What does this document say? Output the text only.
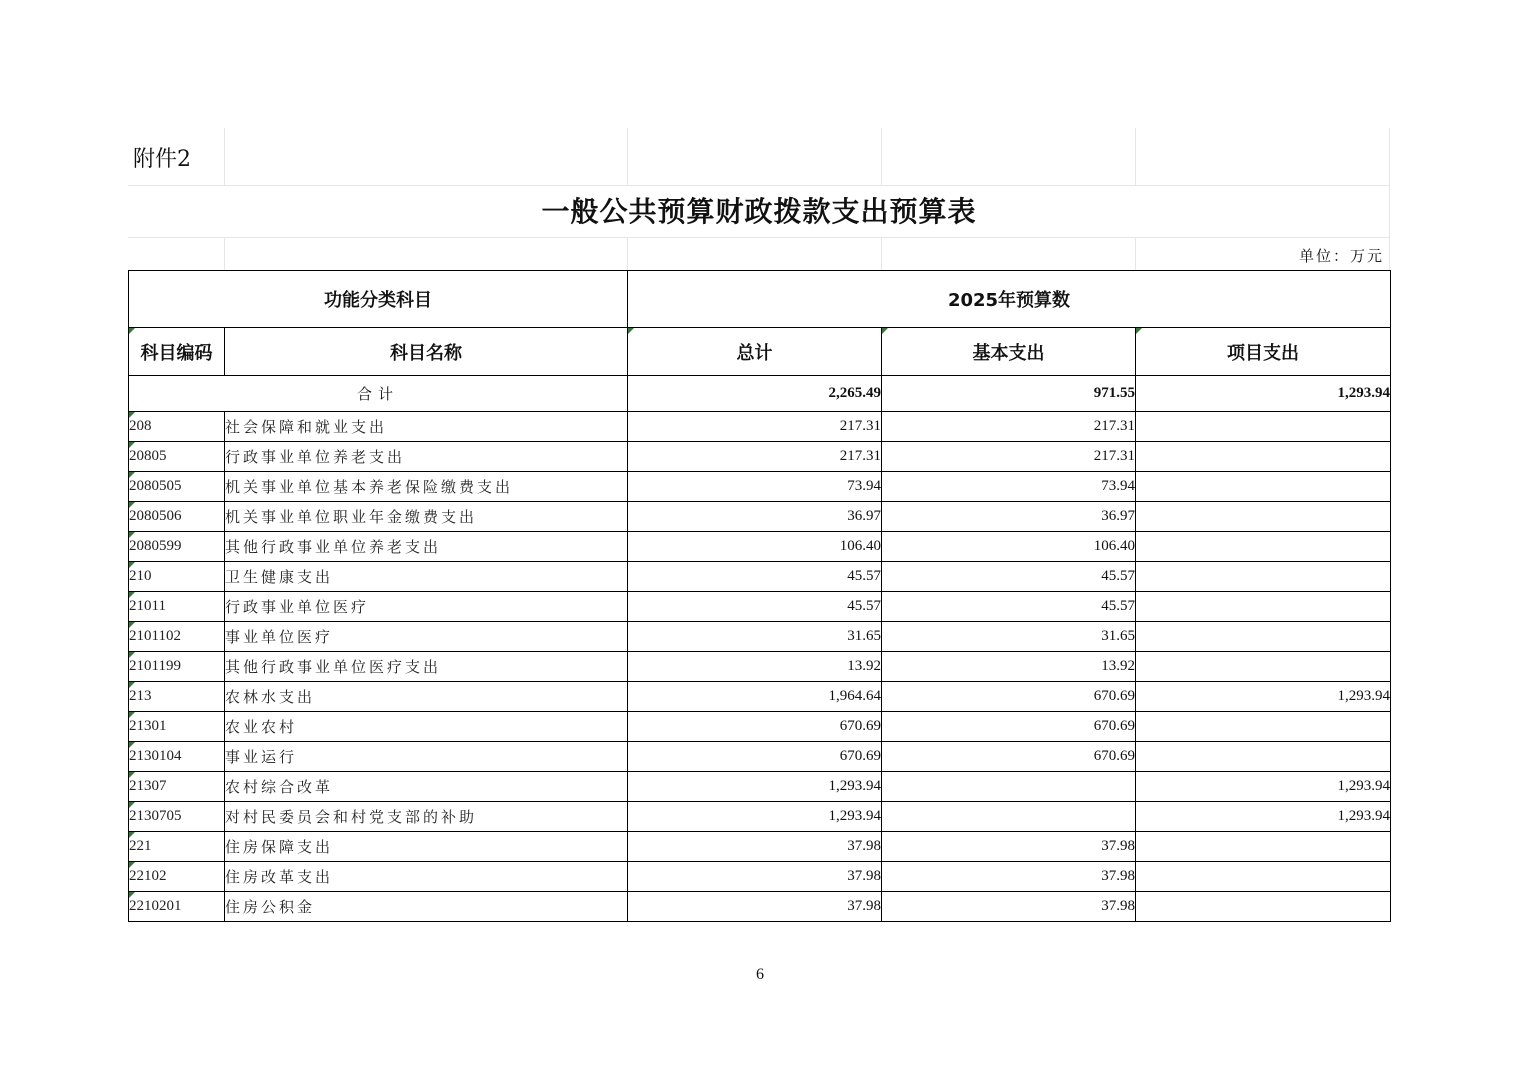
附件2
一般公共预算财政拨款支出预算表
单位：万元
功能分类科目		2025年预算数		
科目编码	科目名称	总计	基本支出	项目支出
合计		2,265.49	971.55	1,293.94
208	社会保障和就业支出	217.31	217.31	
20805	行政事业单位养老支出	217.31	217.31	
2080505	机关事业单位基本养老保险缴费支出	73.94	73.94	
2080506	机关事业单位职业年金缴费支出	36.97	36.97	
2080599	其他行政事业单位养老支出	106.40	106.40	
210	卫生健康支出	45.57	45.57	
21011	行政事业单位医疗	45.57	45.57	
2101102	事业单位医疗	31.65	31.65	
2101199	其他行政事业单位医疗支出	13.92	13.92	
213	农林水支出	1,964.64	670.69	1,293.94
21301	农业农村	670.69	670.69	
2130104	事业运行	670.69	670.69	
21307	农村综合改革	1,293.94		1,293.94
2130705	对村民委员会和村党支部的补助	1,293.94		1,293.94
221	住房保障支出	37.98	37.98	
22102	住房改革支出	37.98	37.98	
2210201	住房公积金	37.98	37.98	
6
